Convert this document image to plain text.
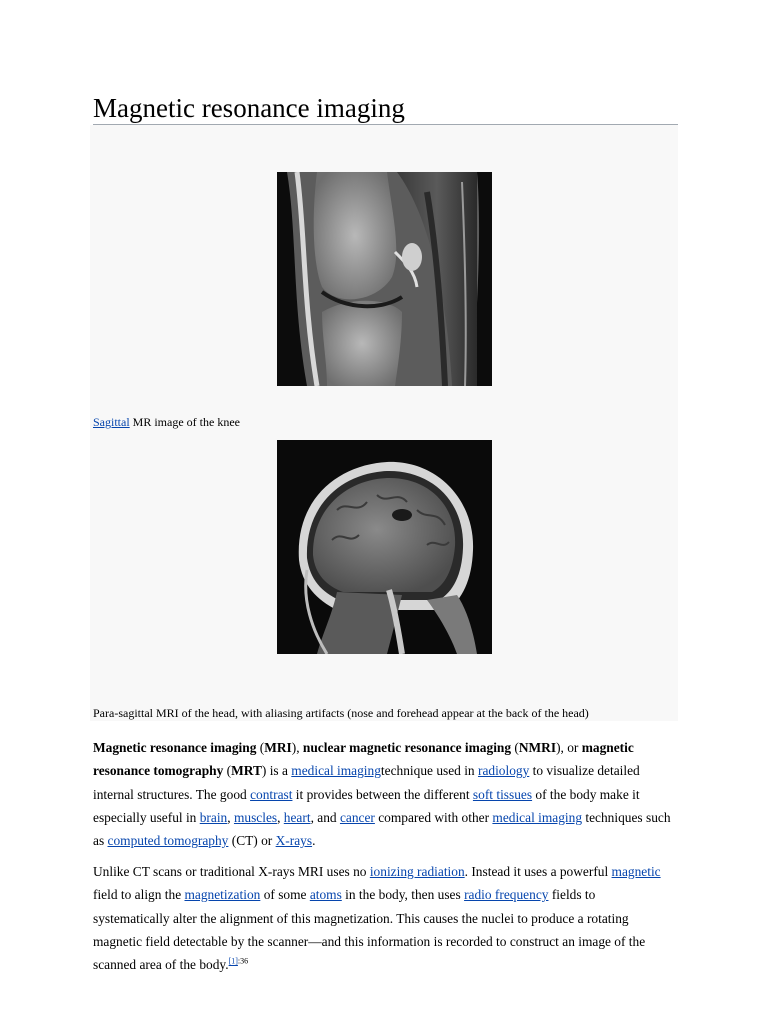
Magnetic resonance imaging
Sagittal MR image of the knee
Para-sagittal MRI of the head, with aliasing artifacts (nose and forehead appear at the back of the head)

Magnetic resonance imaging (MRI), nuclear magnetic resonance imaging (NMRI), or magnetic resonance tomography (MRT) is a medical imagingtechnique used in radiology to visualize detailed internal structures. The good contrast it provides between the different soft tissues of the body make it especially useful in brain, muscles, heart, and cancer compared with other medical imaging techniques such as computed tomography (CT) or X-rays.

Unlike CT scans or traditional X-rays MRI uses no ionizing radiation. Instead it uses a powerful magnetic field to align the magnetization of some atoms in the body, then uses radio frequency fields to systematically alter the alignment of this magnetization. This causes the nuclei to produce a rotating magnetic field detectable by the scanner—and this information is recorded to construct an image of the scanned area of the body.$^{[1]:36}$
